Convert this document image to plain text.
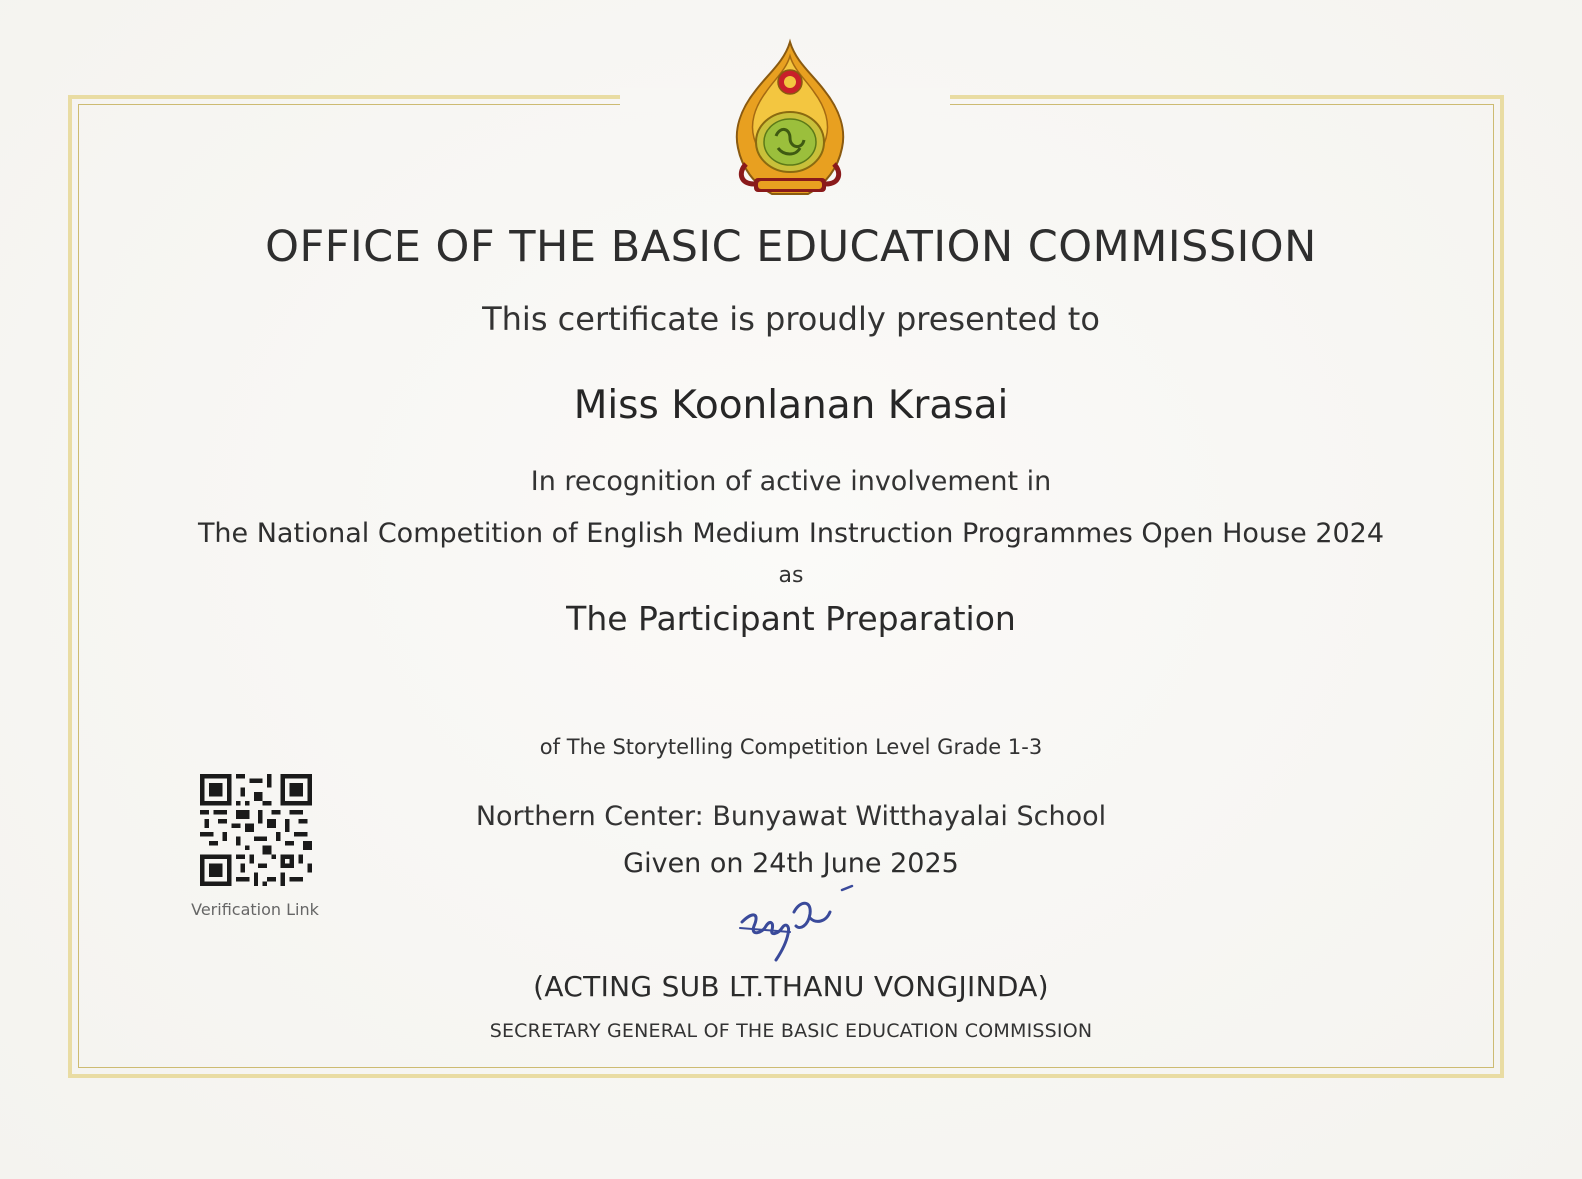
OFFICE OF THE BASIC EDUCATION COMMISSION

This certificate is proudly presented to

Miss Koonlanan Krasai

In recognition of active involvement in

The National Competition of English Medium Instruction Programmes Open House 2024

as

The Participant Preparation

of The Storytelling Competition Level Grade 1-3

Northern Center: Bunyawat Witthayalai School

Given on 24th June 2025

(ACTING SUB LT.THANU VONGJINDA)

SECRETARY GENERAL OF THE BASIC EDUCATION COMMISSION

Verification Link
